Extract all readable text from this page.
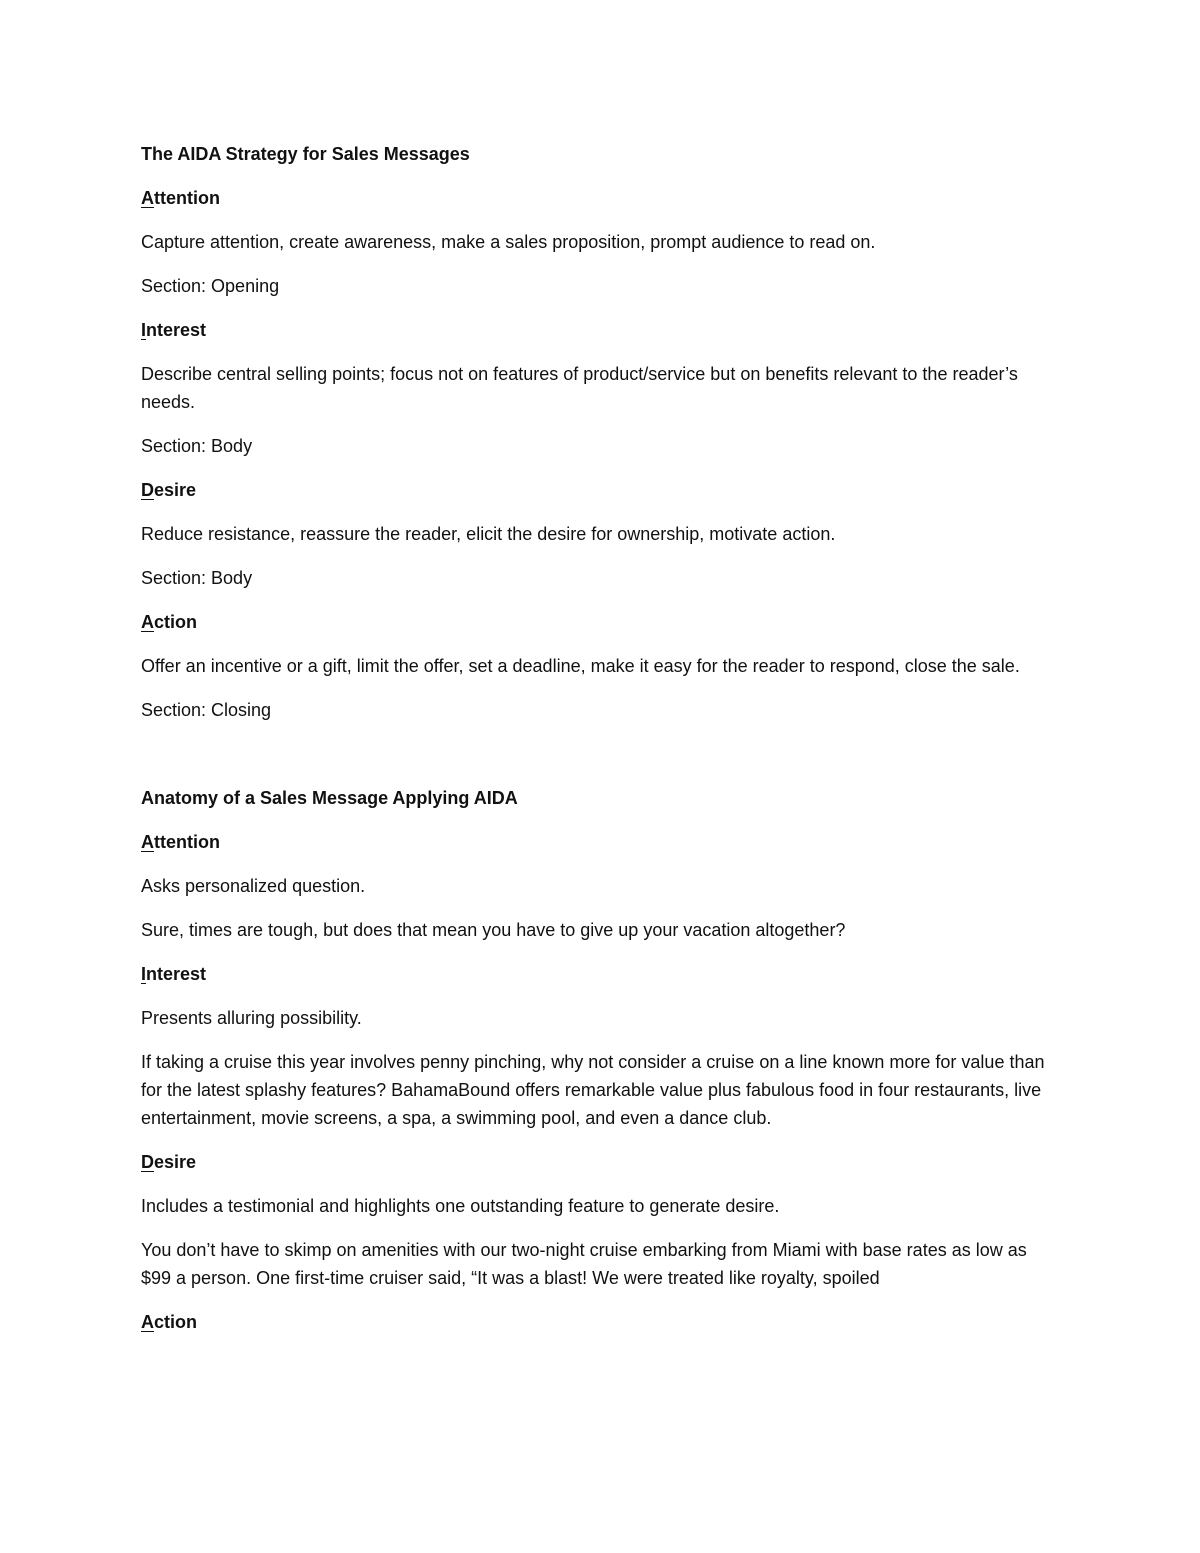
The AIDA Strategy for Sales Messages

Attention

Capture attention, create awareness, make a sales proposition, prompt audience to read on.

Section: Opening

Interest

Describe central selling points; focus not on features of product/service but on benefits relevant to the reader’s needs.

Section: Body

Desire

Reduce resistance, reassure the reader, elicit the desire for ownership, motivate action.

Section: Body

Action

Offer an incentive or a gift, limit the offer, set a deadline, make it easy for the reader to respond, close the sale.

Section: Closing

Anatomy of a Sales Message Applying AIDA

Attention

Asks personalized question.

Sure, times are tough, but does that mean you have to give up your vacation altogether?

Interest

Presents alluring possibility.

If taking a cruise this year involves penny pinching, why not consider a cruise on a line known more for value than for the latest splashy features? BahamaBound offers remarkable value plus fabulous food in four restaurants, live entertainment, movie screens, a spa, a swimming pool, and even a dance club.

Desire

Includes a testimonial and highlights one outstanding feature to generate desire.

You don’t have to skimp on amenities with our two-night cruise embarking from Miami with base rates as low as $99 a person. One first-time cruiser said, “It was a blast! We were treated like royalty, spoiled

Action
